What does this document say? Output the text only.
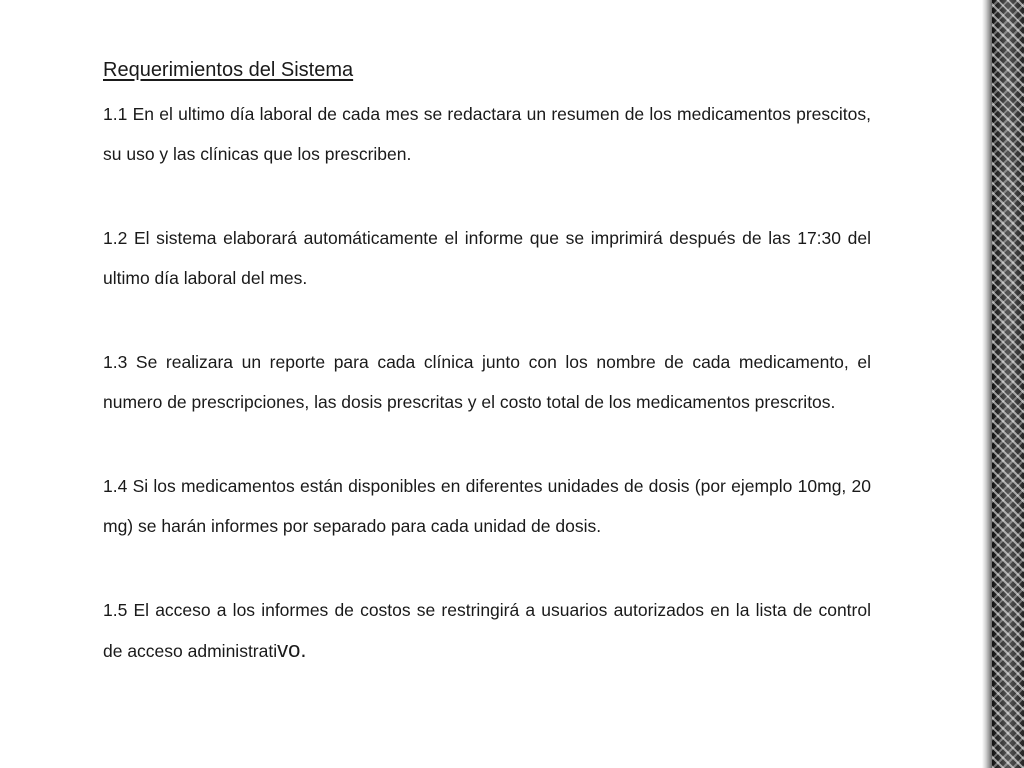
Requerimientos del Sistema

1.1 En el ultimo día laboral de cada mes se redactara un resumen de los medicamentos prescitos, su uso y las clínicas que los prescriben.

1.2 El sistema elaborará automáticamente el informe que se imprimirá después de las 17:30 del ultimo día laboral del mes.

1.3 Se realizara un reporte para cada clínica junto con los nombre de cada medicamento, el numero de prescripciones, las dosis prescritas y el costo total de los medicamentos prescritos.

1.4 Si los medicamentos están disponibles en diferentes unidades de dosis (por ejemplo 10mg, 20 mg) se harán informes por separado para cada unidad de dosis.

1.5 El acceso a los informes de costos se restringirá a usuarios autorizados en la lista de control de acceso administrativo.
